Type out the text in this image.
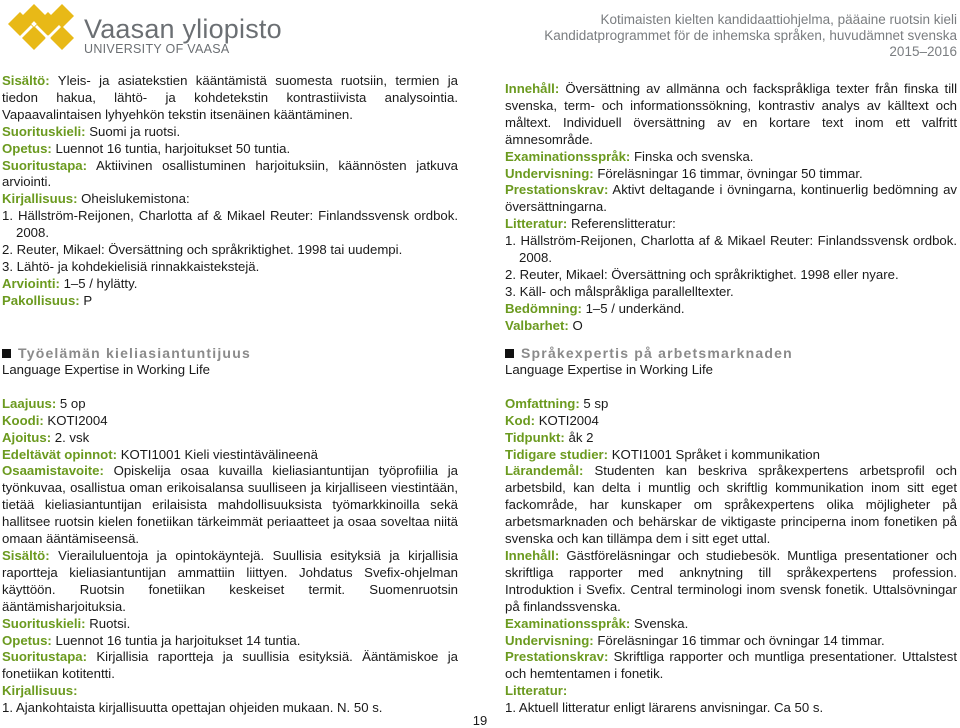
Vaasan yliopisto
UNIVERSITY OF VAASA
Kotimaisten kielten kandidaattiohjelma, pääaine ruotsin kieli
Kandidatprogrammet för de inhemska språken, huvudämnet svenska
2015–2016

Sisältö: Yleis- ja asiatekstien kääntämistä suomesta ruotsiin, termien ja tiedon hakua, lähtö- ja kohdetekstin kontrastiivista analysointia. Vapaavalintaisen lyhyehkön tekstin itsenäinen kääntäminen.

Suorituskieli: Suomi ja ruotsi.

Opetus: Luennot 16 tuntia, harjoitukset 50 tuntia.

Suoritustapa: Aktiivinen osallistuminen harjoituksiin, käännösten jatkuva arviointi.

Kirjallisuus: Oheislukemistona:

1. Hällström-Reijonen, Charlotta af & Mikael Reuter: Finlandssvensk ordbok. 2008.

2. Reuter, Mikael: Översättning och språkriktighet. 1998 tai uudempi.

3. Lähtö- ja kohdekielisiä rinnakkaistekstejä.

Arviointi: 1–5 / hylätty.

Pakollisuus: P

Innehåll: Översättning av allmänna och fackspråkliga texter från finska till svenska, term- och informationssökning, kontrastiv analys av källtext och måltext. Individuell översättning av en kortare text inom ett valfritt ämnesområde.

Examinationsspråk: Finska och svenska.

Undervisning: Föreläsningar 16 timmar, övningar 50 timmar.

Prestationskrav: Aktivt deltagande i övningarna, kontinuerlig bedömning av översättningarna.

Litteratur: Referenslitteratur:

1. Hällström-Reijonen, Charlotta af & Mikael Reuter: Finlandssvensk ordbok. 2008.

2. Reuter, Mikael: Översättning och språkriktighet. 1998 eller nyare.

3. Käll- och målspråkliga parallelltexter.

Bedömning: 1–5 / underkänd.

Valbarhet: O

Työelämän kieliasiantuntijuus
Language Expertise in Working Life

Laajuus: 5 op

Koodi: KOTI2004

Ajoitus: 2. vsk

Edeltävät opinnot: KOTI1001 Kieli viestintävälineenä

Osaamistavoite: Opiskelija osaa kuvailla kieliasiantuntijan työprofiilia ja työnkuvaa, osallistua oman erikoisalansa suulliseen ja kirjalliseen viestintään, tietää kieliasiantuntijan erilaisista mahdollisuuksista työmarkkinoilla sekä hallitsee ruotsin kielen fonetiikan tärkeimmät periaatteet ja osaa soveltaa niitä omaan ääntämiseensä.

Sisältö: Vierailuluentoja ja opintokäyntejä. Suullisia esityksiä ja kirjallisia raportteja kieliasiantuntijan ammattiin liittyen. Johdatus Svefix-ohjelman käyttöön. Ruotsin fonetiikan keskeiset termit. Suomenruotsin ääntämisharjoituksia.

Suorituskieli: Ruotsi.

Opetus: Luennot 16 tuntia ja harjoitukset 14 tuntia.

Suoritustapa: Kirjallisia raportteja ja suullisia esityksiä. Ääntämiskoe ja fonetiikan kotitentti.

Kirjallisuus:

1. Ajankohtaista kirjallisuutta opettajan ohjeiden mukaan. N. 50 s.

Språkexpertis på arbetsmarknaden
Language Expertise in Working Life

Omfattning: 5 sp

Kod: KOTI2004

Tidpunkt: åk 2

Tidigare studier: KOTI1001 Språket i kommunikation

Lärandemål: Studenten kan beskriva språkexpertens arbetsprofil och arbetsbild, kan delta i muntlig och skriftlig kommunikation inom sitt eget fackområde, har kunskaper om språkexpertens olika möjligheter på arbetsmarknaden och behärskar de viktigaste principerna inom fonetiken på svenska och kan tillämpa dem i sitt eget uttal.

Innehåll: Gästföreläsningar och studiebesök. Muntliga presentationer och skriftliga rapporter med anknytning till språkexpertens profession. Introduktion i Svefix. Central terminologi inom svensk fonetik. Uttalsövningar på finlandssvenska.

Examinationsspråk: Svenska.

Undervisning: Föreläsningar 16 timmar och övningar 14 timmar.

Prestationskrav: Skriftliga rapporter och muntliga presentationer. Uttalstest och hemtentamen i fonetik.

Litteratur:

1. Aktuell litteratur enligt lärarens anvisningar. Ca 50 s.

19
